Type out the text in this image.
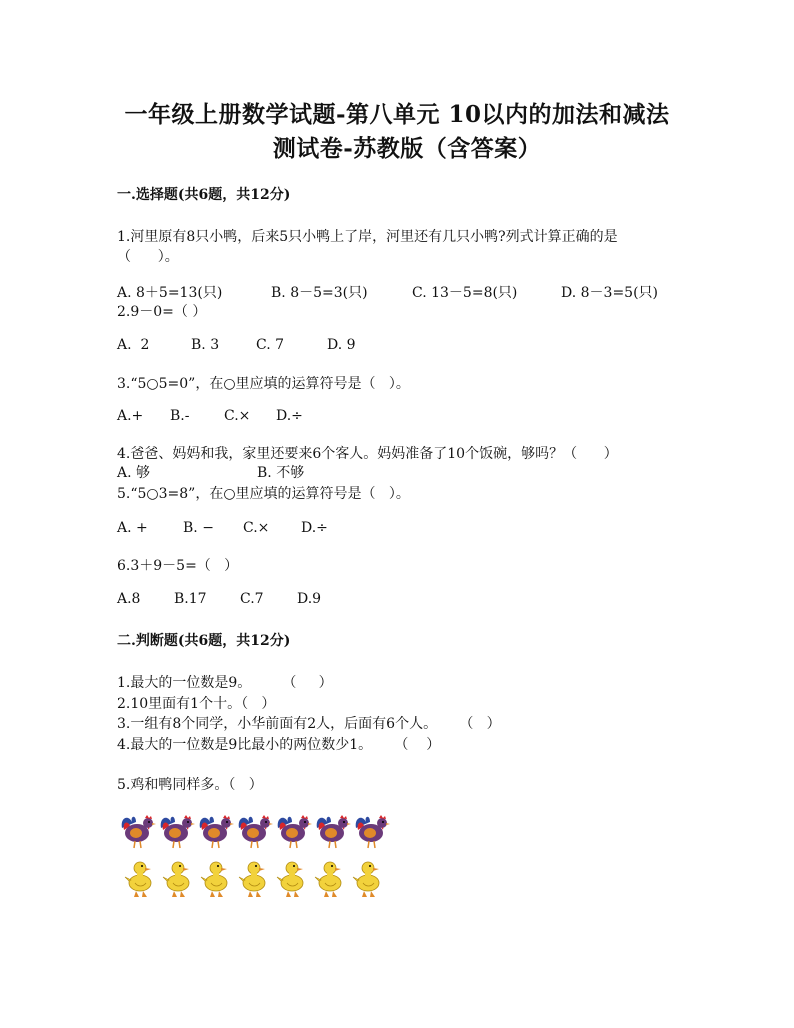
一年级上册数学试题-第八单元 10以内的加法和减法
测试卷-苏教版（含答案）
一.选择题(共6题，共12分)
1.河里原有8只小鸭，后来5只小鸭上了岸，河里还有几只小鸭?列式计算正确的是
（      ）。
A. 8＋5=13(只)	B. 8－5=3(只)	C. 13－5=8(只)	D. 8－3=5(只)
2.9－0=（ ）
A.  2	B. 3	C. 7	D. 9
3.“5○5=0”，在○里应填的运算符号是（   ）。
A.+ B.- C.× D.÷
4.爸爸、妈妈和我，家里还要来6个客人。妈妈准备了10个饭碗，够吗？（      ）
A. 够	B. 不够
5.“5○3=8”，在○里应填的运算符号是（   ）。
A. +	B. − C.× D.÷
6.3＋9－5=（   ）
A.8 B.17 C.7 D.9
二.判断题(共6题，共12分)
1.最大的一位数是9。       （     ）
2.10里面有1个十。（   ）
3.一组有8个同学，小华前面有2人，后面有6个人。     （   ）
4.最大的一位数是9比最小的两位数少1。     （    ）
5.鸡和鸭同样多。（   ）
